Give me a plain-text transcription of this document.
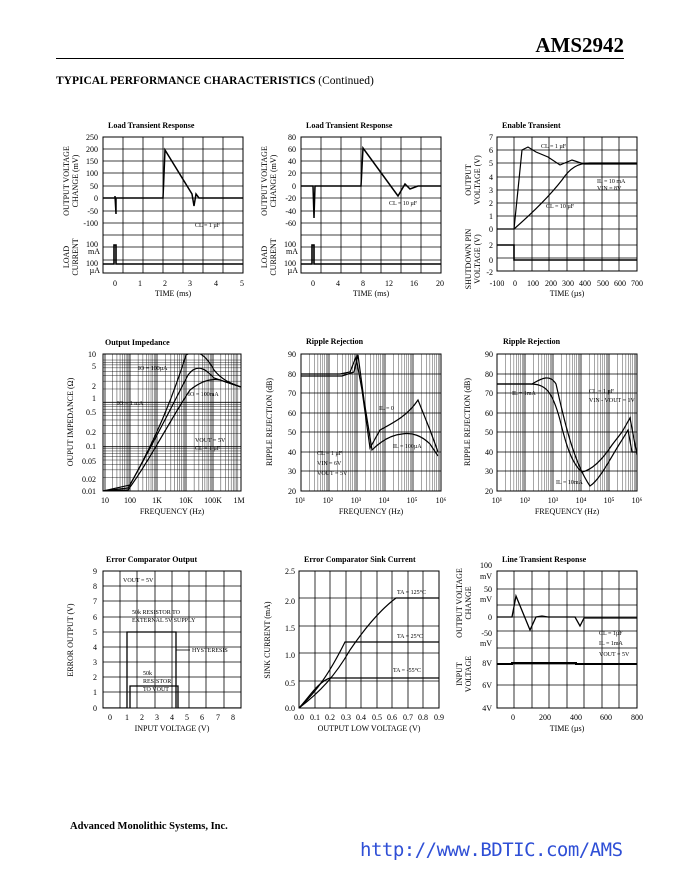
AMS2942
TYPICAL PERFORMANCE CHARACTERISTICS (Continued)
Load Transient Response	Load Transient Response	Enable Transient
Output Impedance	Ripple Rejection	Ripple Rejection
Error Comparator Output	Error Comparator Sink Current	Line Transient Response
TIME (ms)	TIME (ms)	TIME (µs)
FREQUENCY (Hz)	FREQUENCY (Hz)	FREQUENCY (Hz)
INPUT VOLTAGE (V)	OUTPUT LOW VOLTAGE (V)	TIME (µs)
OUTPUT VOLTAGE CHANGE (mV)
LOAD CURRENT
OUTPUT VOLTAGE CHANGE (mV)
LOAD CURRENT
OUTPUT VOLTAGE (V)
SHUTDOWN PIN VOLTAGE (V)
OUPUT IMPEDANCE (Ω)	RIPPLE REJECTION (dB)	RIPPLE REJECTION (dB)
ERROR OUTPUT (V)	SINK CURRENT (mA)	OUTPUT VOLTAGE CHANGE
INPUT VOLTAGE
0	1	2	3	4	5
250
200
150
100
50
0
-50
-100
0	4	8	12 16 20
80
60
40
20
0
-20
-40
-60
-100 0 100 200 300 400 500 600 700
7
6
5
4
3
2
1
0
10 100 1K 10K 100K 1M
10
5
2
1
0.5
0.2
0.1
0.05
0.02
0.01
10¹ 10² 10³ 10⁴ 10⁵ 10⁶
90
80
70
60
50
40
30
20
10¹ 10² 10³ 10⁴ 10⁵ 10⁶
90
80
70
60
50
40
30
20
0 1 2 3 4 5 6 7 8
9
8
7
6
5
4
3
2
1
0
0.0 0.1 0.2 0.3 0.4 0.5 0.6 0.7 0.8 0.9
2.5
2.0
1.5
1.0
0.5
0.0
0	200 400 600 800
100
mV
50
mV
0
-50
mV
100
mA
100
µA
100
mA
100
µA
2
0
-2
8V
6V
4V
CL = 1 µF
CL = 10 µF
CL = 1 µF
IL = 10 mA
VIN = 8V
CL = 10 µF
IO = 100µA
IO = 100mA
IO = 1 mA
VOUT = 5V
CL = 1 µF
IL = 0
IL = 100µA
CL = 1 µF
VIN = 6V
VOUT = 5V
IL = 1mA	CL = 1 µF
VIN - VOUT = 1V
IL = 10mA
VOUT = 5V
50k RESISTOR TO
EXTERNAL 5V SUPPLY
HYSTERESIS
50k
RESISTOR
TO VOUT
TA = 125°C
TA = 25°C
TA = -55°C
CL = 1µF
IL = 1mA
VOUT = 5V
Advanced Monolithic Systems, Inc.
http://www.BDTIC.com/AMS
